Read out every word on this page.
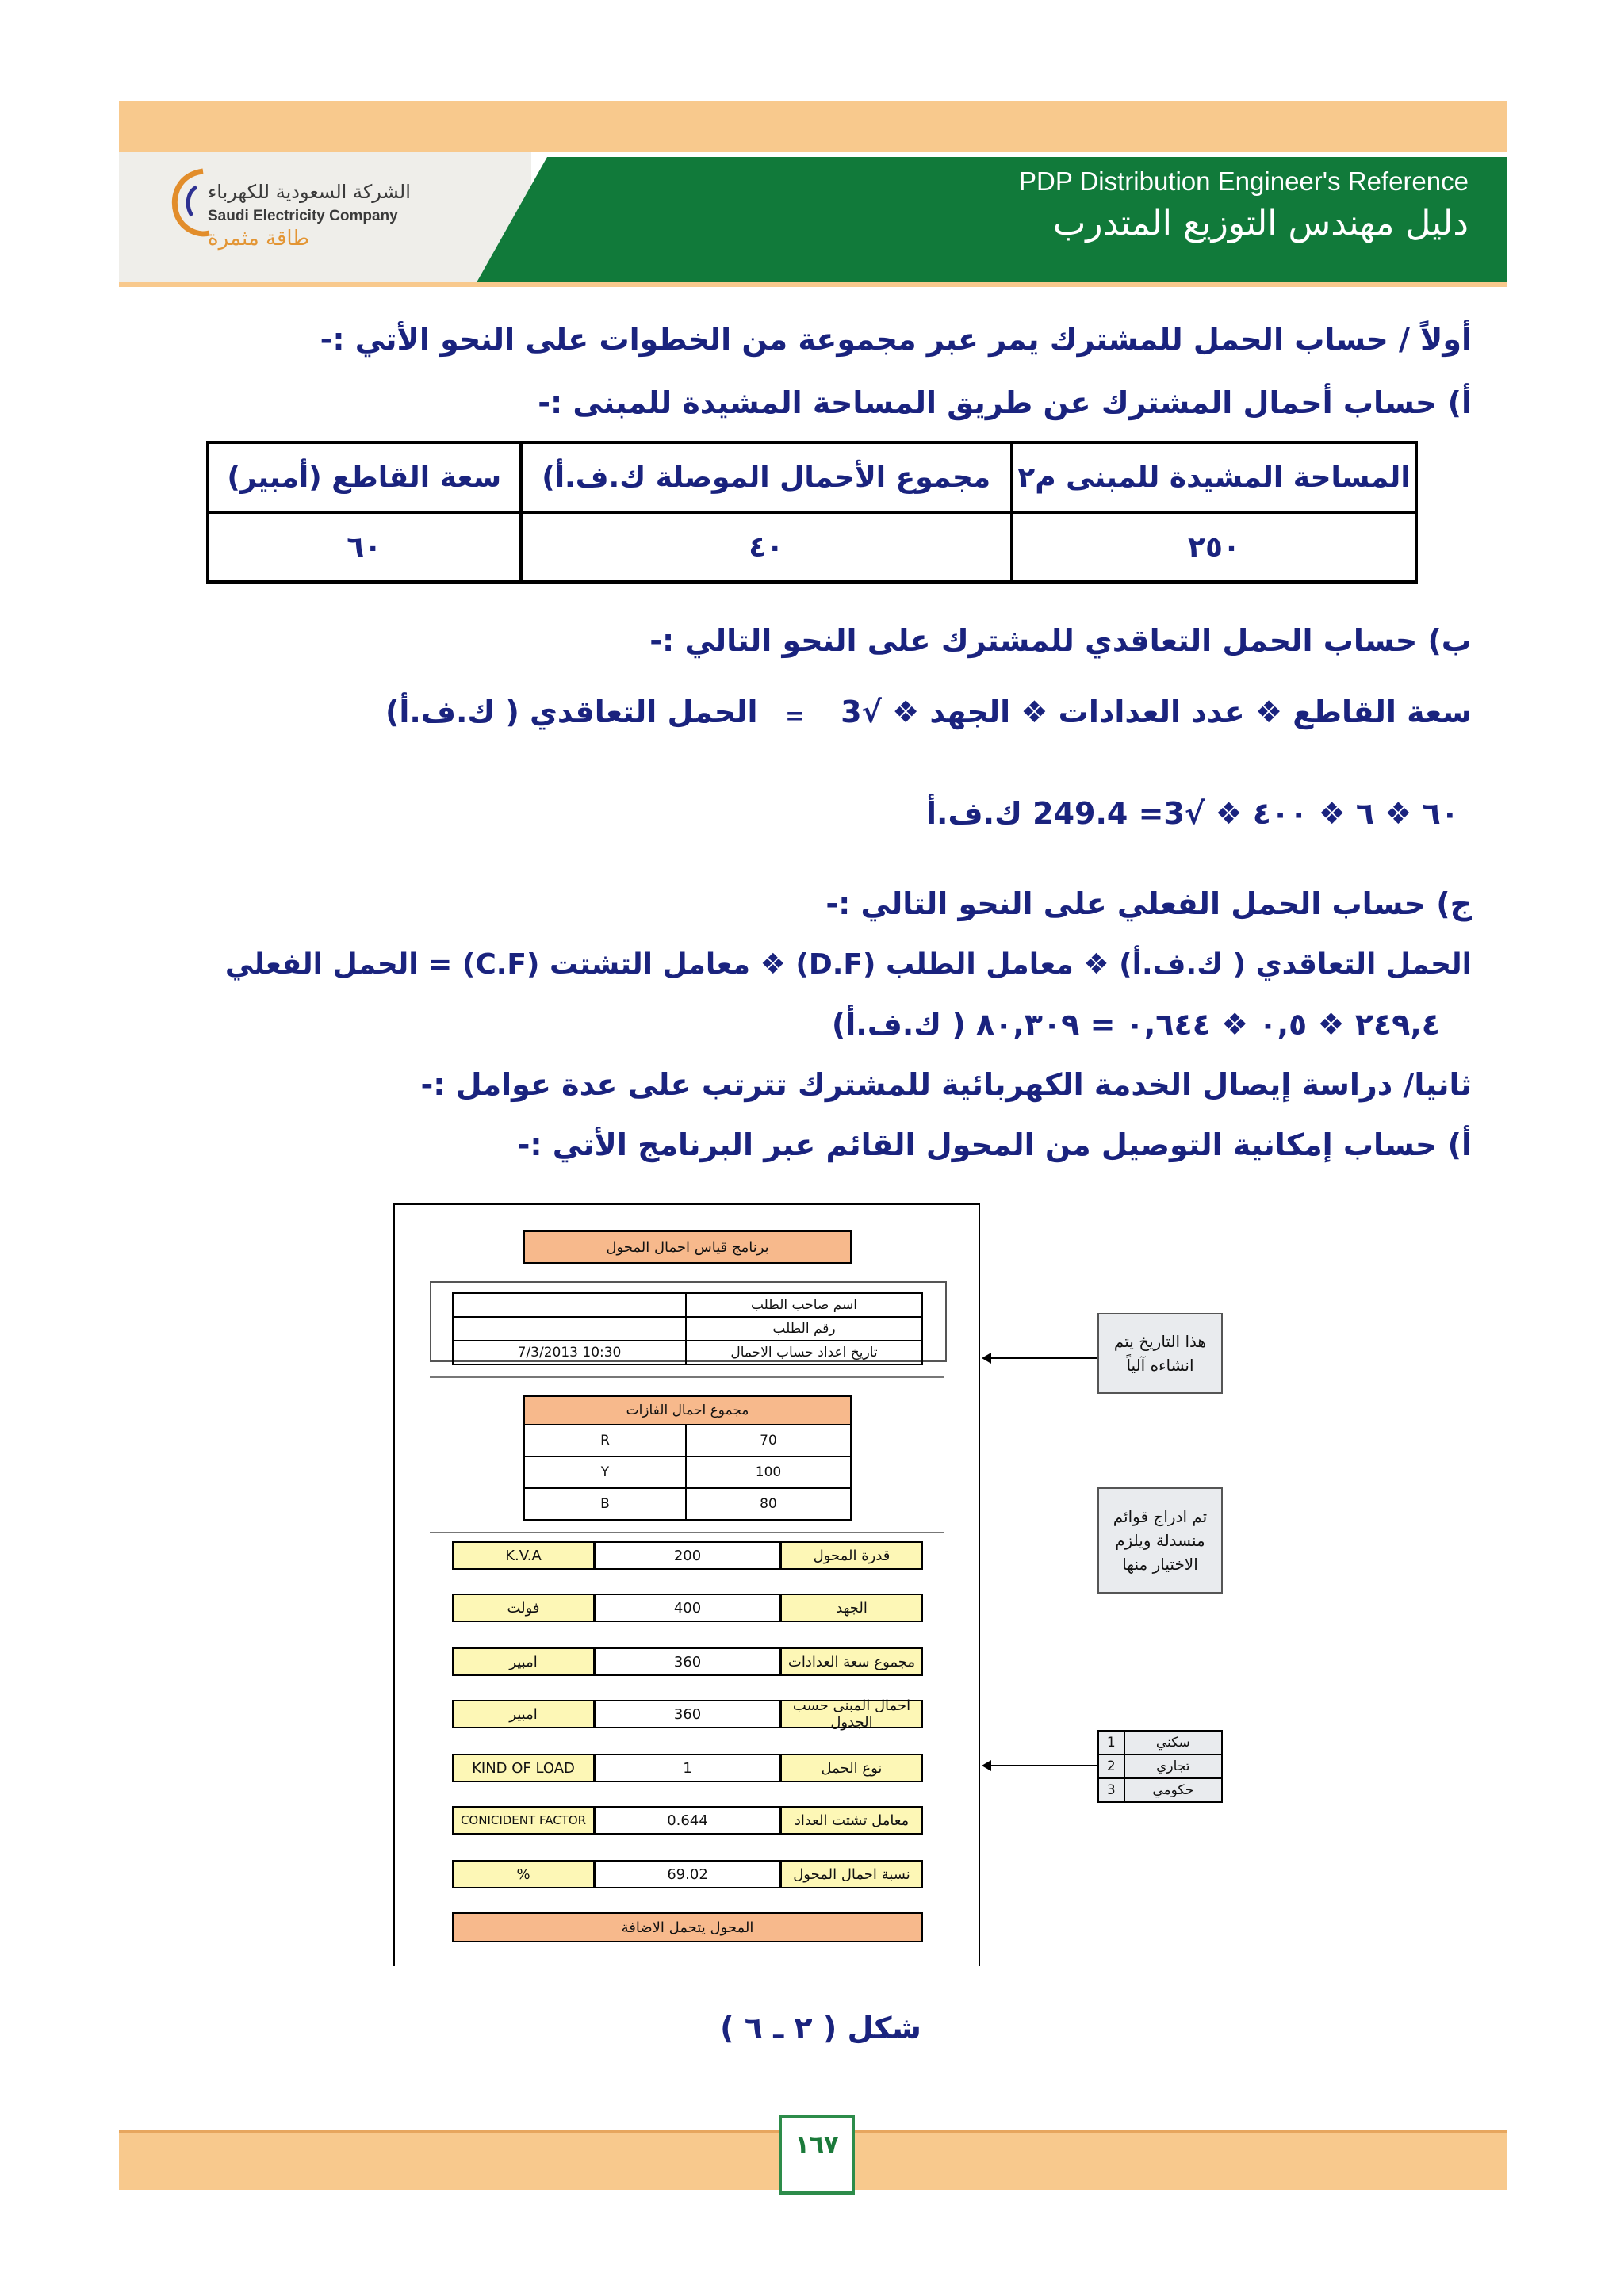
الشركة السعودية للكهرباء
Saudi Electricity Company
طاقة مثمرة
PDP Distribution Engineer's Reference
دليل مهندس التوزيع المتدرب
أولاً / حساب الحمل للمشترك يمر عبر مجموعة من الخطوات على النحو الأتي :-
أ) حساب أحمال المشترك عن طريق المساحة المشيدة للمبنى :-
سعة القاطع (أمبير)	مجموع الأحمال الموصلة ك.ف.أ)	المساحة المشيدة للمبنى م٢
٦٠	٤٠	٢٥٠
ب) حساب الحمل التعاقدي للمشترك على النحو التالي :-
سعة القاطع ❖ عدد العدادات ❖ الجهد ❖ √3
=
الحمل التعاقدي ( ك.ف.أ)
٦٠ ❖ ٦ ❖ ٤٠٠ ❖ √3= 249.4 ك.ف.أ
ج) حساب الحمل الفعلي على النحو التالي :-
الحمل التعاقدي ( ك.ف.أ) ❖ معامل الطلب (D.F) ❖ معامل التشتت (C.F) = الحمل الفعلي
٢٤٩,٤ ❖ ٠,٥ ❖ ٠,٦٤٤ = ٨٠,٣٠٩ ( ك.ف.أ)
ثانيا/ دراسة إيصال الخدمة الكهربائية للمشترك تترتب على عدة عوامل :-
أ) حساب إمكانية التوصيل من المحول القائم عبر البرنامج الأتي :-
برنامج قياس احمال المحول
	اسم صاحب الطلب
	رقم الطلب
7/3/2013 10:30	تاريخ اعداد حساب الاحمال
مجموع احمال الفازات	
R	70
Y	100
B	80
K.V.A	200	قدرة المحول
فولت	400	الجهد
امبير	360	مجموع سعة العدادات
امبير	360	احمال المبنى حسب الجدول
KIND OF LOAD	1	نوع الحمل
CONICIDENT FACTOR	0.644	معامل تشتت العداد
%	69.02	نسبة احمال المحول
المحول يتحمل الاضافة
هذا التاريخ يتم انشاءه آلياً
تم ادراج قوائم منسدلة ويلزم الاختيار منها
1	سكني
2	تجاري
3	حكومي
شكل ( ٢ ـ ٦ )
١٦٧
